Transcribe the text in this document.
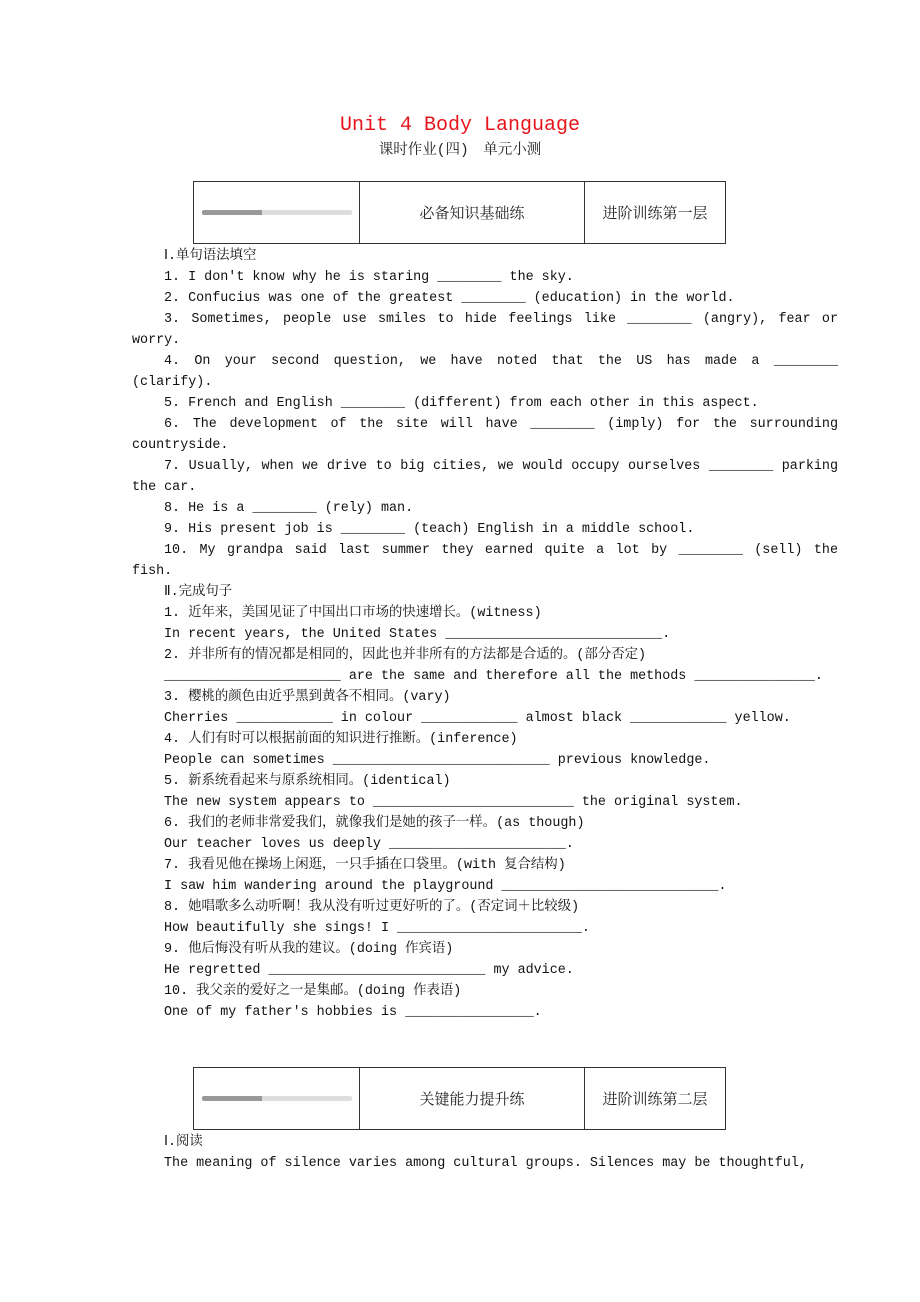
Unit 4 Body Language
课时作业(四)　单元小测
必备知识基础练	进阶训练第一层

Ⅰ.单句语法填空

1. I don't know why he is staring ________ the sky.

2. Confucius was one of the greatest ________ (education) in the world.

3. Sometimes, people use smiles to hide feelings like ________ (angry), fear or worry.

4. On your second question, we have noted that the US has made a ________ (clarify).

5. French and English ________ (different) from each other in this aspect.

6. The development of the site will have ________ (imply) for the surrounding countryside.

7. Usually, when we drive to big cities, we would occupy ourselves ________ parking the car.

8. He is a ________ (rely) man.

9. His present job is ________ (teach) English in a middle school.

10. My grandpa said last summer they earned quite a lot by ________ (sell) the fish.

Ⅱ.完成句子

1. 近年来，美国见证了中国出口市场的快速增长。(witness)

In recent years, the United States ___________________________.

2. 并非所有的情况都是相同的，因此也并非所有的方法都是合适的。(部分否定)

______________________ are the same and therefore all the methods _______________.

3. 樱桃的颜色由近乎黑到黄各不相同。(vary)

Cherries ____________ in colour ____________ almost black ____________ yellow.

4. 人们有时可以根据前面的知识进行推断。(inference)

People can sometimes ___________________________ previous knowledge.

5. 新系统看起来与原系统相同。(identical)

The new system appears to _________________________ the original system.

6. 我们的老师非常爱我们，就像我们是她的孩子一样。(as though)

Our teacher loves us deeply ______________________.

7. 我看见他在操场上闲逛，一只手插在口袋里。(with 复合结构)

I saw him wandering around the playground ___________________________.

8. 她唱歌多么动听啊！我从没有听过更好听的了。(否定词＋比较级)

How beautifully she sings! I _______________________.

9. 他后悔没有听从我的建议。(doing 作宾语)

He regretted ___________________________ my advice.

10. 我父亲的爱好之一是集邮。(doing 作表语)

One of my father's hobbies is ________________.

关键能力提升练	进阶训练第二层

Ⅰ.阅读

The meaning of silence varies among cultural groups. Silences may be thoughtful,
